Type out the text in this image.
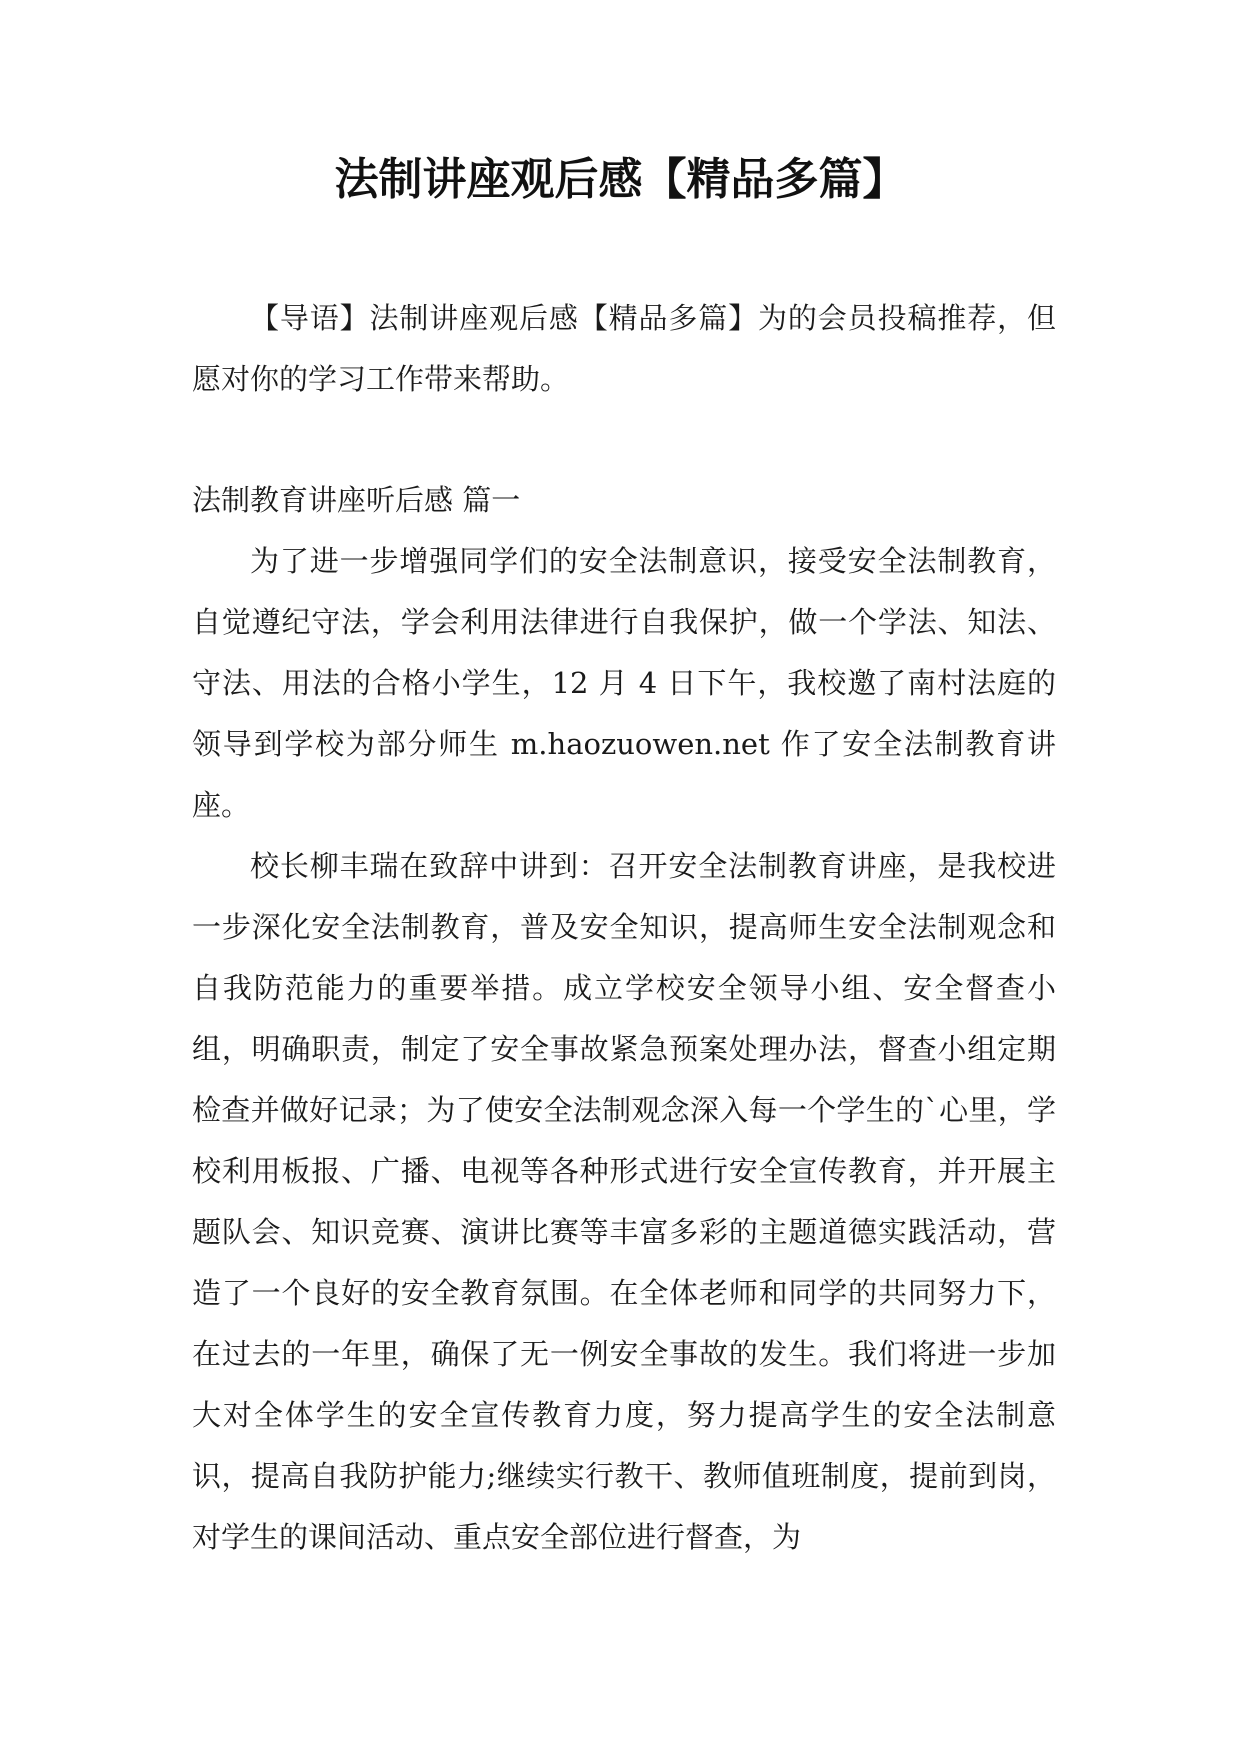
法制讲座观后感【精品多篇】

【导语】法制讲座观后感【精品多篇】为的会员投稿推荐，但愿对你的学习工作带来帮助。

法制教育讲座听后感 篇一

为了进一步增强同学们的安全法制意识，接受安全法制教育，自觉遵纪守法，学会利用法律进行自我保护，做一个学法、知法、守法、用法的合格小学生，12 月 4 日下午，我校邀了南村法庭的领导到学校为部分师生 m.haozuowen.net 作了安全法制教育讲座。

校长柳丰瑞在致辞中讲到：召开安全法制教育讲座，是我校进一步深化安全法制教育，普及安全知识，提高师生安全法制观念和自我防范能力的重要举措。成立学校安全领导小组、安全督查小组，明确职责，制定了安全事故紧急预案处理办法，督查小组定期检查并做好记录；为了使安全法制观念深入每一个学生的`心里，学校利用板报、广播、电视等各种形式进行安全宣传教育，并开展主题队会、知识竞赛、演讲比赛等丰富多彩的主题道德实践活动，营造了一个良好的安全教育氛围。在全体老师和同学的共同努力下，在过去的一年里，确保了无一例安全事故的发生。我们将进一步加大对全体学生的安全宣传教育力度，努力提高学生的安全法制意识，提高自我防护能力;继续实行教干、教师值班制度，提前到岗，对学生的课间活动、重点安全部位进行督查，为
